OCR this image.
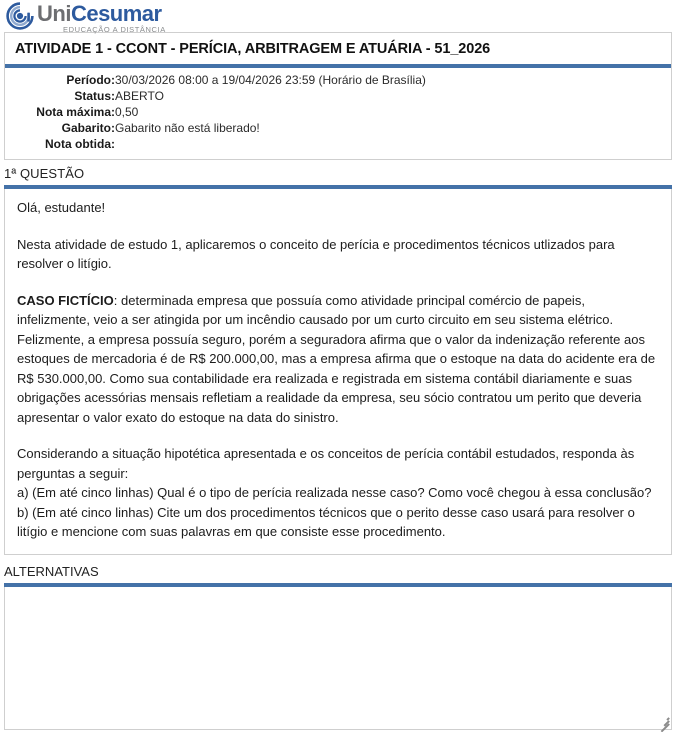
UniCesumar
EDUCAÇÃO A DISTÂNCIA
ATIVIDADE 1 - CCONT - PERÍCIA, ARBITRAGEM E ATUÁRIA - 51_2026
Período:	30/03/2026 08:00 a 19/04/2026 23:59 (Horário de Brasília)
Status:	ABERTO
Nota máxima:	0,50
Gabarito:	Gabarito não está liberado!
Nota obtida:	
1ª QUESTÃO

Olá, estudante!

Nesta atividade de estudo 1, aplicaremos o conceito de perícia e procedimentos técnicos utlizados para resolver o litígio.

CASO FICTÍCIO: determinada empresa que possuía como atividade principal comércio de papeis, infelizmente, veio a ser atingida por um incêndio causado por um curto circuito em seu sistema elétrico. Felizmente, a empresa possuía seguro, porém a seguradora afirma que o valor da indenização referente aos estoques de mercadoria é de R$ 200.000,00, mas a empresa afirma que o estoque na data do acidente era de R$ 530.000,00. Como sua contabilidade era realizada e registrada em sistema contábil diariamente e suas obrigações acessórias mensais refletiam a realidade da empresa, seu sócio contratou um perito que deveria apresentar o valor exato do estoque na data do sinistro.

Considerando a situação hipotética apresentada e os conceitos de perícia contábil estudados, responda às perguntas a seguir:

a) (Em até cinco linhas) Qual é o tipo de perícia realizada nesse caso? Como você chegou à essa conclusão?

b) (Em até cinco linhas) Cite um dos procedimentos técnicos que o perito desse caso usará para resolver o litígio e mencione com suas palavras em que consiste esse procedimento.

ALTERNATIVAS
